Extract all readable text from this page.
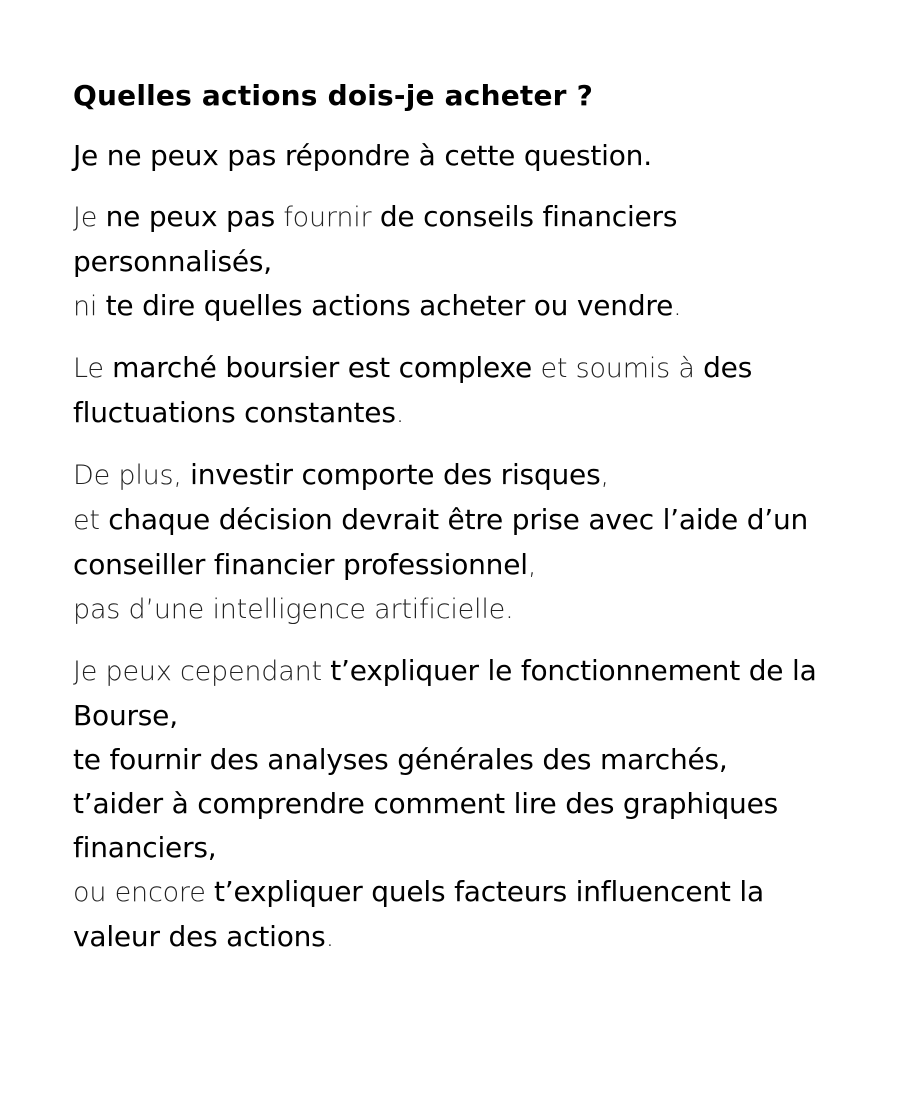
Quelles actions dois-je acheter ?

Je ne peux pas répondre à cette question.

Je ne peux pas fournir de conseils financiers
personnalisés,
ni te dire quelles actions acheter ou vendre.

Le marché boursier est complexe et soumis à des
fluctuations constantes.

De plus, investir comporte des risques,
et chaque décision devrait être prise avec l’aide d’un
conseiller financier professionnel,
pas d’une intelligence artificielle.

Je peux cependant t’expliquer le fonctionnement de la
Bourse,
te fournir des analyses générales des marchés,
t’aider à comprendre comment lire des graphiques
financiers,
ou encore t’expliquer quels facteurs influencent la
valeur des actions.
